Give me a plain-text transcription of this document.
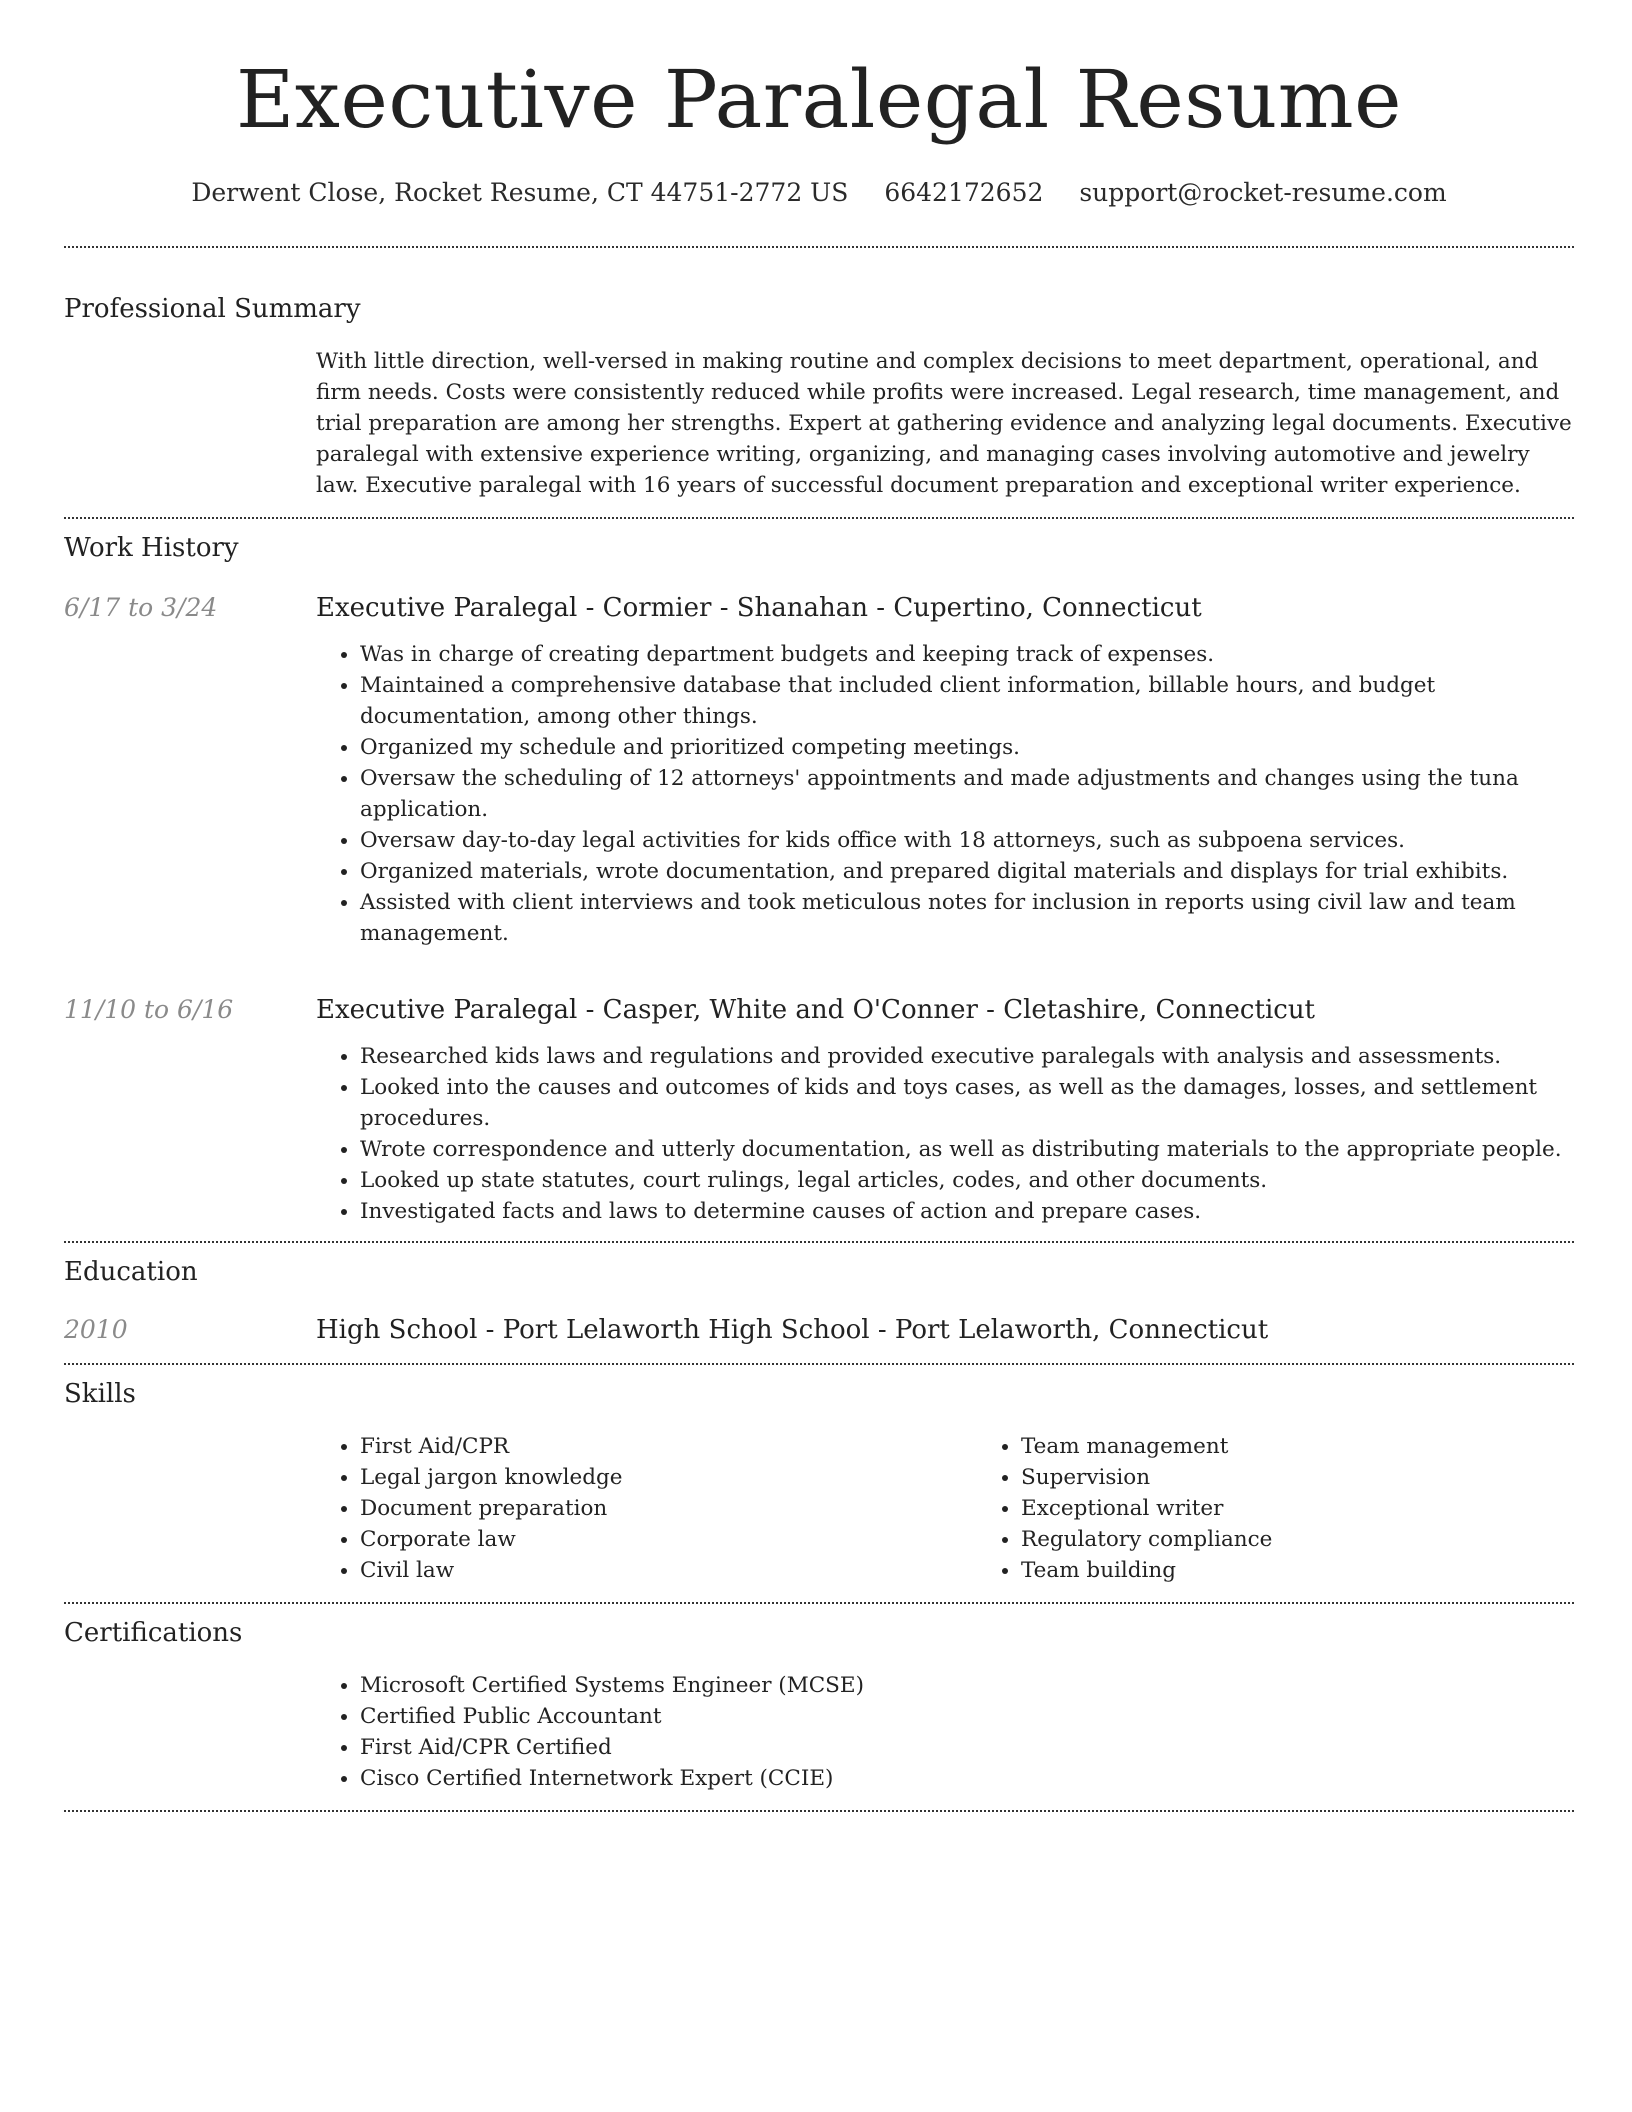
Executive Paralegal Resume
Derwent Close, Rocket Resume, CT 44751-2772 US 6642172652 support@rocket-resume.com
Professional Summary
With little direction, well-versed in making routine and complex decisions to meet department, operational, and firm needs. Costs were consistently reduced while profits were increased. Legal research, time management, and trial preparation are among her strengths. Expert at gathering evidence and analyzing legal documents. Executive paralegal with extensive experience writing, organizing, and managing cases involving automotive and jewelry law. Executive paralegal with 16 years of successful document preparation and exceptional writer experience.
Work History
6/17 to 3/24	Executive Paralegal - Cormier - Shanahan - Cupertino, Connecticut
• Was in charge of creating department budgets and keeping track of expenses.
• Maintained a comprehensive database that included client information, billable hours, and budget documentation, among other things.
• Organized my schedule and prioritized competing meetings.
• Oversaw the scheduling of 12 attorneys' appointments and made adjustments and changes using the tuna application.
• Oversaw day-to-day legal activities for kids office with 18 attorneys, such as subpoena services.
• Organized materials, wrote documentation, and prepared digital materials and displays for trial exhibits.
• Assisted with client interviews and took meticulous notes for inclusion in reports using civil law and team management.
11/10 to 6/16	Executive Paralegal - Casper, White and O'Conner - Cletashire, Connecticut
• Researched kids laws and regulations and provided executive paralegals with analysis and assessments.
• Looked into the causes and outcomes of kids and toys cases, as well as the damages, losses, and settlement procedures.
• Wrote correspondence and utterly documentation, as well as distributing materials to the appropriate people.
• Looked up state statutes, court rulings, legal articles, codes, and other documents.
• Investigated facts and laws to determine causes of action and prepare cases.
Education
2010	High School - Port Lelaworth High School - Port Lelaworth, Connecticut
Skills
• First Aid/CPR
• Legal jargon knowledge
• Document preparation
• Corporate law
• Civil law
• Team management
• Supervision
• Exceptional writer
• Regulatory compliance
• Team building
Certifications
• Microsoft Certified Systems Engineer (MCSE)
• Certified Public Accountant
• First Aid/CPR Certified
• Cisco Certified Internetwork Expert (CCIE)
